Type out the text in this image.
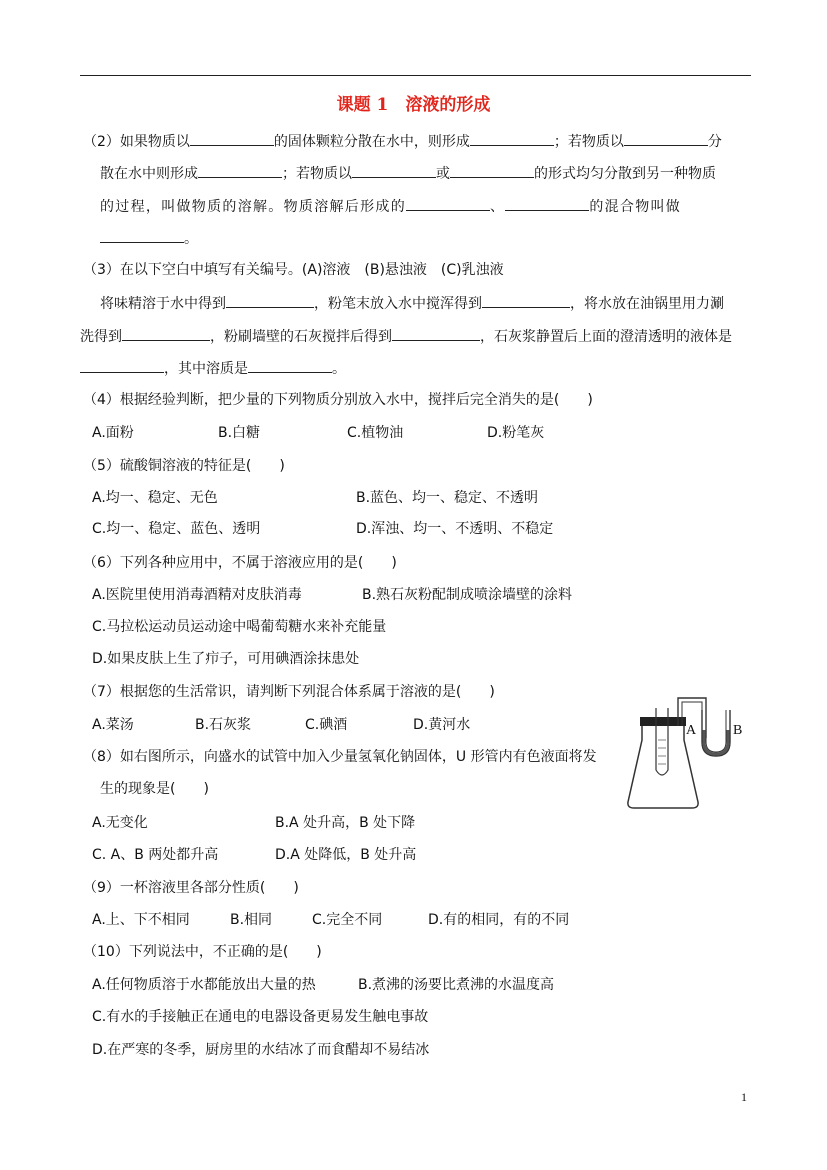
课题 1　溶液的形成
（2）如果物质以	的固体颗粒分散在水中，则形成	；若物质以	分
散在水中则形成	；若物质以	或	的形式均匀分散到另一种物质
的过程，叫做物质的溶解。物质溶解后形成的	、	的混合物叫做
。
（3）在以下空白中填写有关编号。(A)溶液　(B)悬浊液　(C)乳浊液
将味精溶于水中得到	，粉笔末放入水中搅浑得到	，将水放在油锅里用力涮
洗得到	，粉刷墙壁的石灰搅拌后得到	，石灰浆静置后上面的澄清透明的液体是
，其中溶质是	。
（4）根据经验判断，把少量的下列物质分别放入水中，搅拌后完全消失的是(　　)
A.面粉	B.白糖	C.植物油	D.粉笔灰
（5）硫酸铜溶液的特征是(　　)
A.均一、稳定、无色	B.蓝色、均一、稳定、不透明
C.均一、稳定、蓝色、透明	D.浑浊、均一、不透明、不稳定
（6）下列各种应用中，不属于溶液应用的是(　　)
A.医院里使用消毒酒精对皮肤消毒	B.熟石灰粉配制成喷涂墙壁的涂料
C.马拉松运动员运动途中喝葡萄糖水来补充能量
D.如果皮肤上生了疖子，可用碘酒涂抹患处
（7）根据您的生活常识，请判断下列混合体系属于溶液的是(　　)
A.菜汤	B.石灰浆	C.碘酒	D.黄河水
（8）如右图所示，向盛水的试管中加入少量氢氧化钠固体，U 形管内有色液面将发
生的现象是(　　)
A.无变化	B.A 处升高，B 处下降
C. A、B 两处都升高	D.A 处降低，B 处升高
A	B
（9）一杯溶液里各部分性质(　　)
A.上、下不相同	B.相同	C.完全不同	D.有的相同，有的不同
（10）下列说法中，不正确的是(　　)
A.任何物质溶于水都能放出大量的热	B.煮沸的汤要比煮沸的水温度高
C.有水的手接触正在通电的电器设备更易发生触电事故
D.在严寒的冬季，厨房里的水结冰了而食醋却不易结冰
1
